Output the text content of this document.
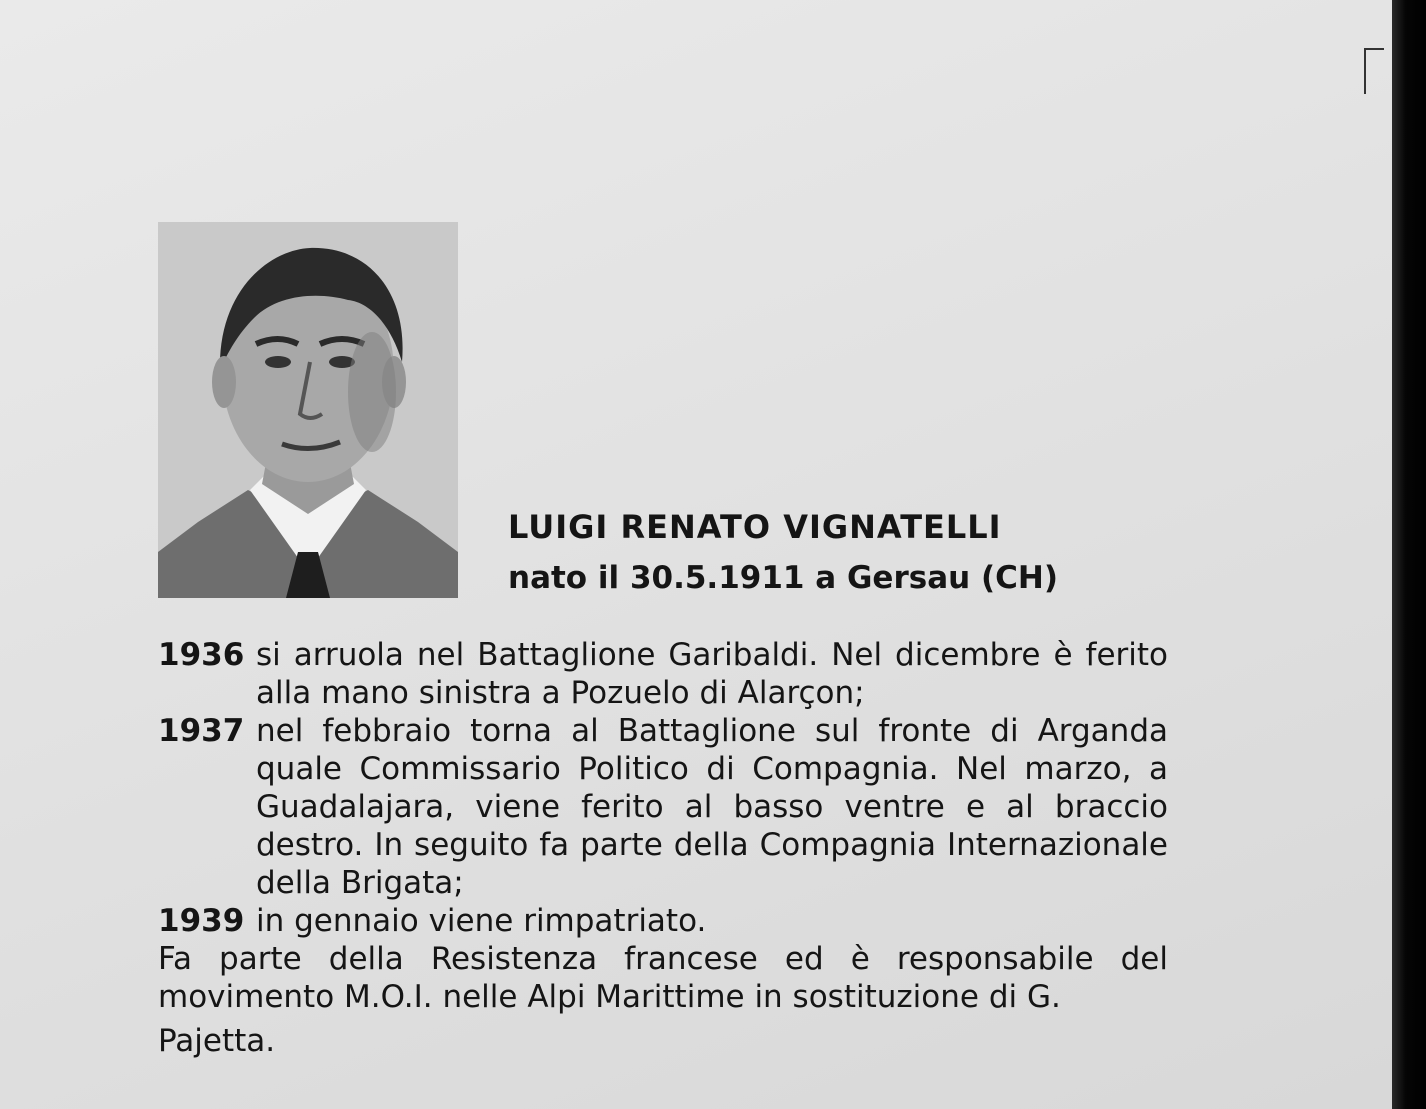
LUIGI RENATO VIGNATELLI
nato il 30.5.1911 a Gersau (CH)
1936 si arruola nel Battaglione Garibaldi. Nel dicembre è ferito alla mano sinistra a Pozuelo di Alarçon;
1937 nel febbraio torna al Battaglione sul fronte di Arganda quale Commissario Politico di Compagnia. Nel marzo, a Guadalajara, viene ferito al basso ventre e al braccio destro. In seguito fa parte della Compagnia Internazionale della Brigata;
1939 in gennaio viene rimpatriato.
Fa parte della Resistenza francese ed è responsabile del movimento M.O.I. nelle Alpi Marittime in sostituzione di G.
Pajetta.
